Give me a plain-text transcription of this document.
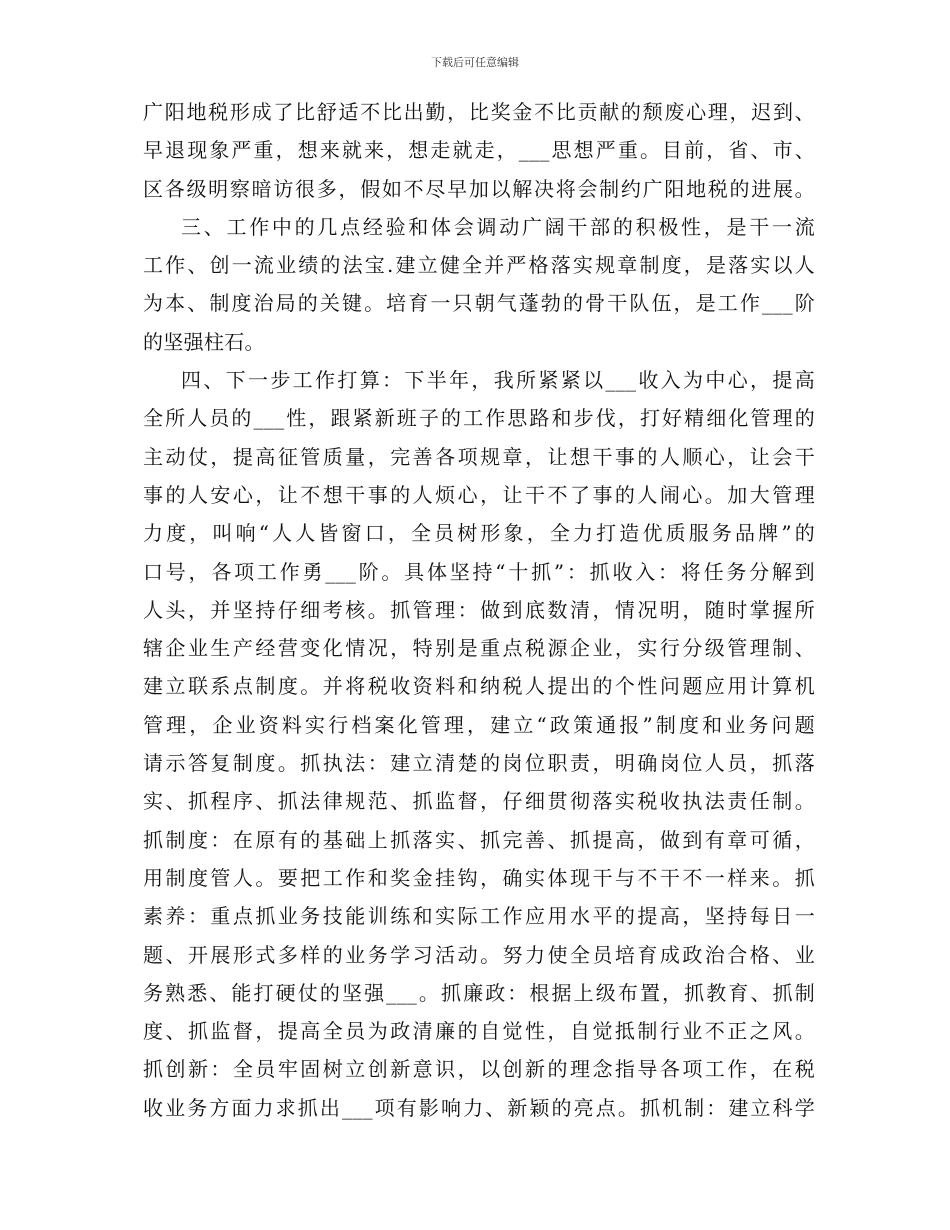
下载后可任意编辑
广阳地税形成了比舒适不比出勤，比奖金不比贡献的颓废心理，迟到、
早退现象严重，想来就来，想走就走，___思想严重。目前，省、市、
区各级明察暗访很多，假如不尽早加以解决将会制约广阳地税的进展。
三、工作中的几点经验和体会调动广阔干部的积极性，是干一流
工作、创一流业绩的法宝.建立健全并严格落实规章制度，是落实以人
为本、制度治局的关键。培育一只朝气蓬勃的骨干队伍，是工作___阶
的坚强柱石。
四、下一步工作打算：下半年，我所紧紧以___收入为中心，提高
全所人员的___性，跟紧新班子的工作思路和步伐，打好精细化管理的
主动仗，提高征管质量，完善各项规章，让想干事的人顺心，让会干
事的人安心，让不想干事的人烦心，让干不了事的人闹心。加大管理
力度，叫响“人人皆窗口，全员树形象，全力打造优质服务品牌”的
口号，各项工作勇___阶。具体坚持“十抓”：抓收入：将任务分解到
人头，并坚持仔细考核。抓管理：做到底数清，情况明，随时掌握所
辖企业生产经营变化情况，特别是重点税源企业，实行分级管理制、
建立联系点制度。并将税收资料和纳税人提出的个性问题应用计算机
管理，企业资料实行档案化管理，建立“政策通报”制度和业务问题
请示答复制度。抓执法：建立清楚的岗位职责，明确岗位人员，抓落
实、抓程序、抓法律规范、抓监督，仔细贯彻落实税收执法责任制。
抓制度：在原有的基础上抓落实、抓完善、抓提高，做到有章可循，
用制度管人。要把工作和奖金挂钩，确实体现干与不干不一样来。抓
素养：重点抓业务技能训练和实际工作应用水平的提高，坚持每日一
题、开展形式多样的业务学习活动。努力使全员培育成政治合格、业
务熟悉、能打硬仗的坚强___。抓廉政：根据上级布置，抓教育、抓制
度、抓监督，提高全员为政清廉的自觉性，自觉抵制行业不正之风。
抓创新：全员牢固树立创新意识，以创新的理念指导各项工作，在税
收业务方面力求抓出___项有影响力、新颖的亮点。抓机制：建立科学
